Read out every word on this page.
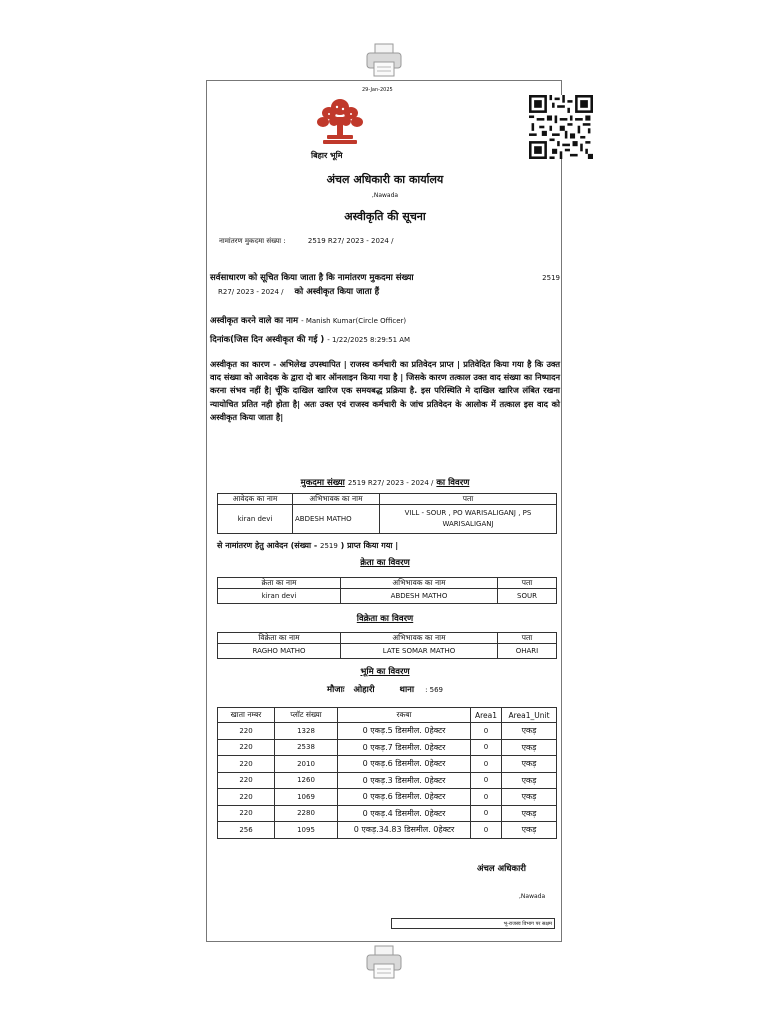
29-Jan-2025
बिहार भूमि
अंचल अधिकारी का कार्यालय
,Nawada
अस्वीकृति की सूचना
नामांतरण मुकदमा संख्या :	2519 R27/ 2023 - 2024 /
सर्वसाधारण को सूचित किया जाता है कि नामांतरण मुकदमा संख्या	2519

R27/ 2023 - 2024 / को अस्वीकृत किया जाता हैं
अस्वीकृत करने वाले का नाम - Manish Kumar(Circle Officer)
दिनांक(जिस दिन अस्वीकृत की गई ) - 1/22/2025 8:29:51 AM
अस्वीकृत का कारण - अभिलेख उपस्थापित | राजस्व कर्मचारी का प्रतिवेदन प्राप्त | प्रतिवेदित किया गया है कि उक्त वाद संख्या को आवेदक के द्वारा दो बार ऑनलाइन किया गया है | जिसके कारण तत्काल उक्त वाद संख्या का निष्पादन करना संभव नहीं है| चूँकि दाखिल खारिज एक समयबद्ध प्रक्रिया है. इस परिस्थिति मे दाखिल खारिज लंबित रखना न्यायोचित प्रतित नही होता है| अतः उक्त एवं राजस्व कर्मचारी के जांच प्रतिवेदन के आलोक में तत्काल इस वाद को अस्वीकृत किया जाता है|
मुकदमा संख्या 2519 R27/ 2023 - 2024 / का विवरण
आवेदक का नाम	अभिभावक का नाम	पता
kiran devi	ABDESH MATHO	VILL - SOUR , PO WARISALIGANJ , PS WARISALIGANJ
से नामांतरण हेतु आवेदन (संख्या - 2519 ) प्राप्त किया गया |
क्रेता का विवरण
क्रेता का नाम	अभिभावक का नाम	पता
kiran devi	ABDESH MATHO	SOUR
विक्रेता का विवरण
विक्रेता का नाम	अभिभावक का नाम	पता
RAGHO MATHO	LATE SOMAR MATHO	OHARI
भूमि का विवरण
मौजाः ओहारी	थाना : 569
खाता नम्बर	प्लॉट संख्या	रकबा	Area1	Area1_Unit
220	1328	0 एकड़.5 डिसमील. 0हेक्टर	0	एकड़
220	2538	0 एकड़.7 डिसमील. 0हेक्टर	0	एकड़
220	2010	0 एकड़.6 डिसमील. 0हेक्टर	0	एकड़
220	1260	0 एकड़.3 डिसमील. 0हेक्टर	0	एकड़
220	1069	0 एकड़.6 डिसमील. 0हेक्टर	0	एकड़
220	2280	0 एकड़.4 डिसमील. 0हेक्टर	0	एकड़
256	1095	0 एकड़.34.83 डिसमील. 0हेक्टर	0	एकड़
अंचल अधिकारी
,Nawada
भू-राजस्व विभाग पर सक्षम
